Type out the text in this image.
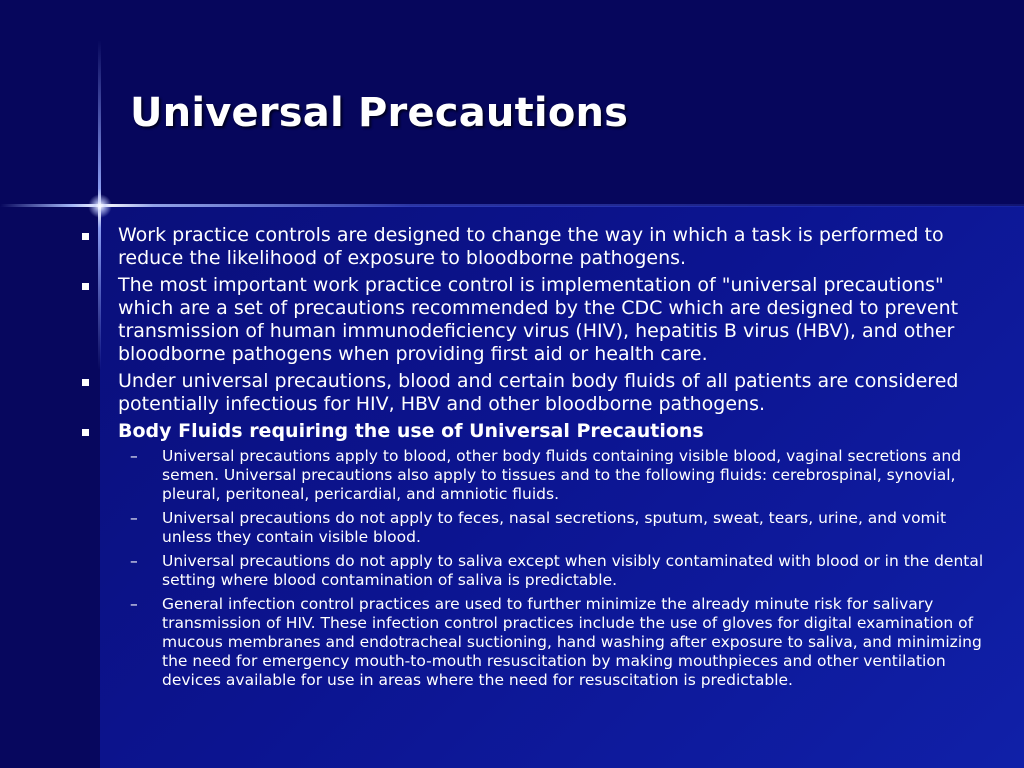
Universal Precautions
Work practice controls are designed to change the way in which a task is performed to reduce the likelihood of exposure to bloodborne pathogens.
The most important work practice control is implementation of "universal precautions" which are a set of precautions recommended by the CDC which are designed to prevent transmission of human immunodeficiency virus (HIV), hepatitis B virus (HBV), and other bloodborne pathogens when providing first aid or health care.
Under universal precautions, blood and certain body fluids of all patients are considered potentially infectious for HIV, HBV and other bloodborne pathogens.
Body Fluids requiring the use of Universal Precautions
– Universal precautions apply to blood, other body fluids containing visible blood, vaginal secretions and semen. Universal precautions also apply to tissues and to the following fluids: cerebrospinal, synovial, pleural, peritoneal, pericardial, and amniotic fluids.
– Universal precautions do not apply to feces, nasal secretions, sputum, sweat, tears, urine, and vomit unless they contain visible blood.
– Universal precautions do not apply to saliva except when visibly contaminated with blood or in the dental setting where blood contamination of saliva is predictable.
– General infection control practices are used to further minimize the already minute risk for salivary transmission of HIV. These infection control practices include the use of gloves for digital examination of mucous membranes and endotracheal suctioning, hand washing after exposure to saliva, and minimizing the need for emergency mouth-to-mouth resuscitation by making mouthpieces and other ventilation devices available for use in areas where the need for resuscitation is predictable.
